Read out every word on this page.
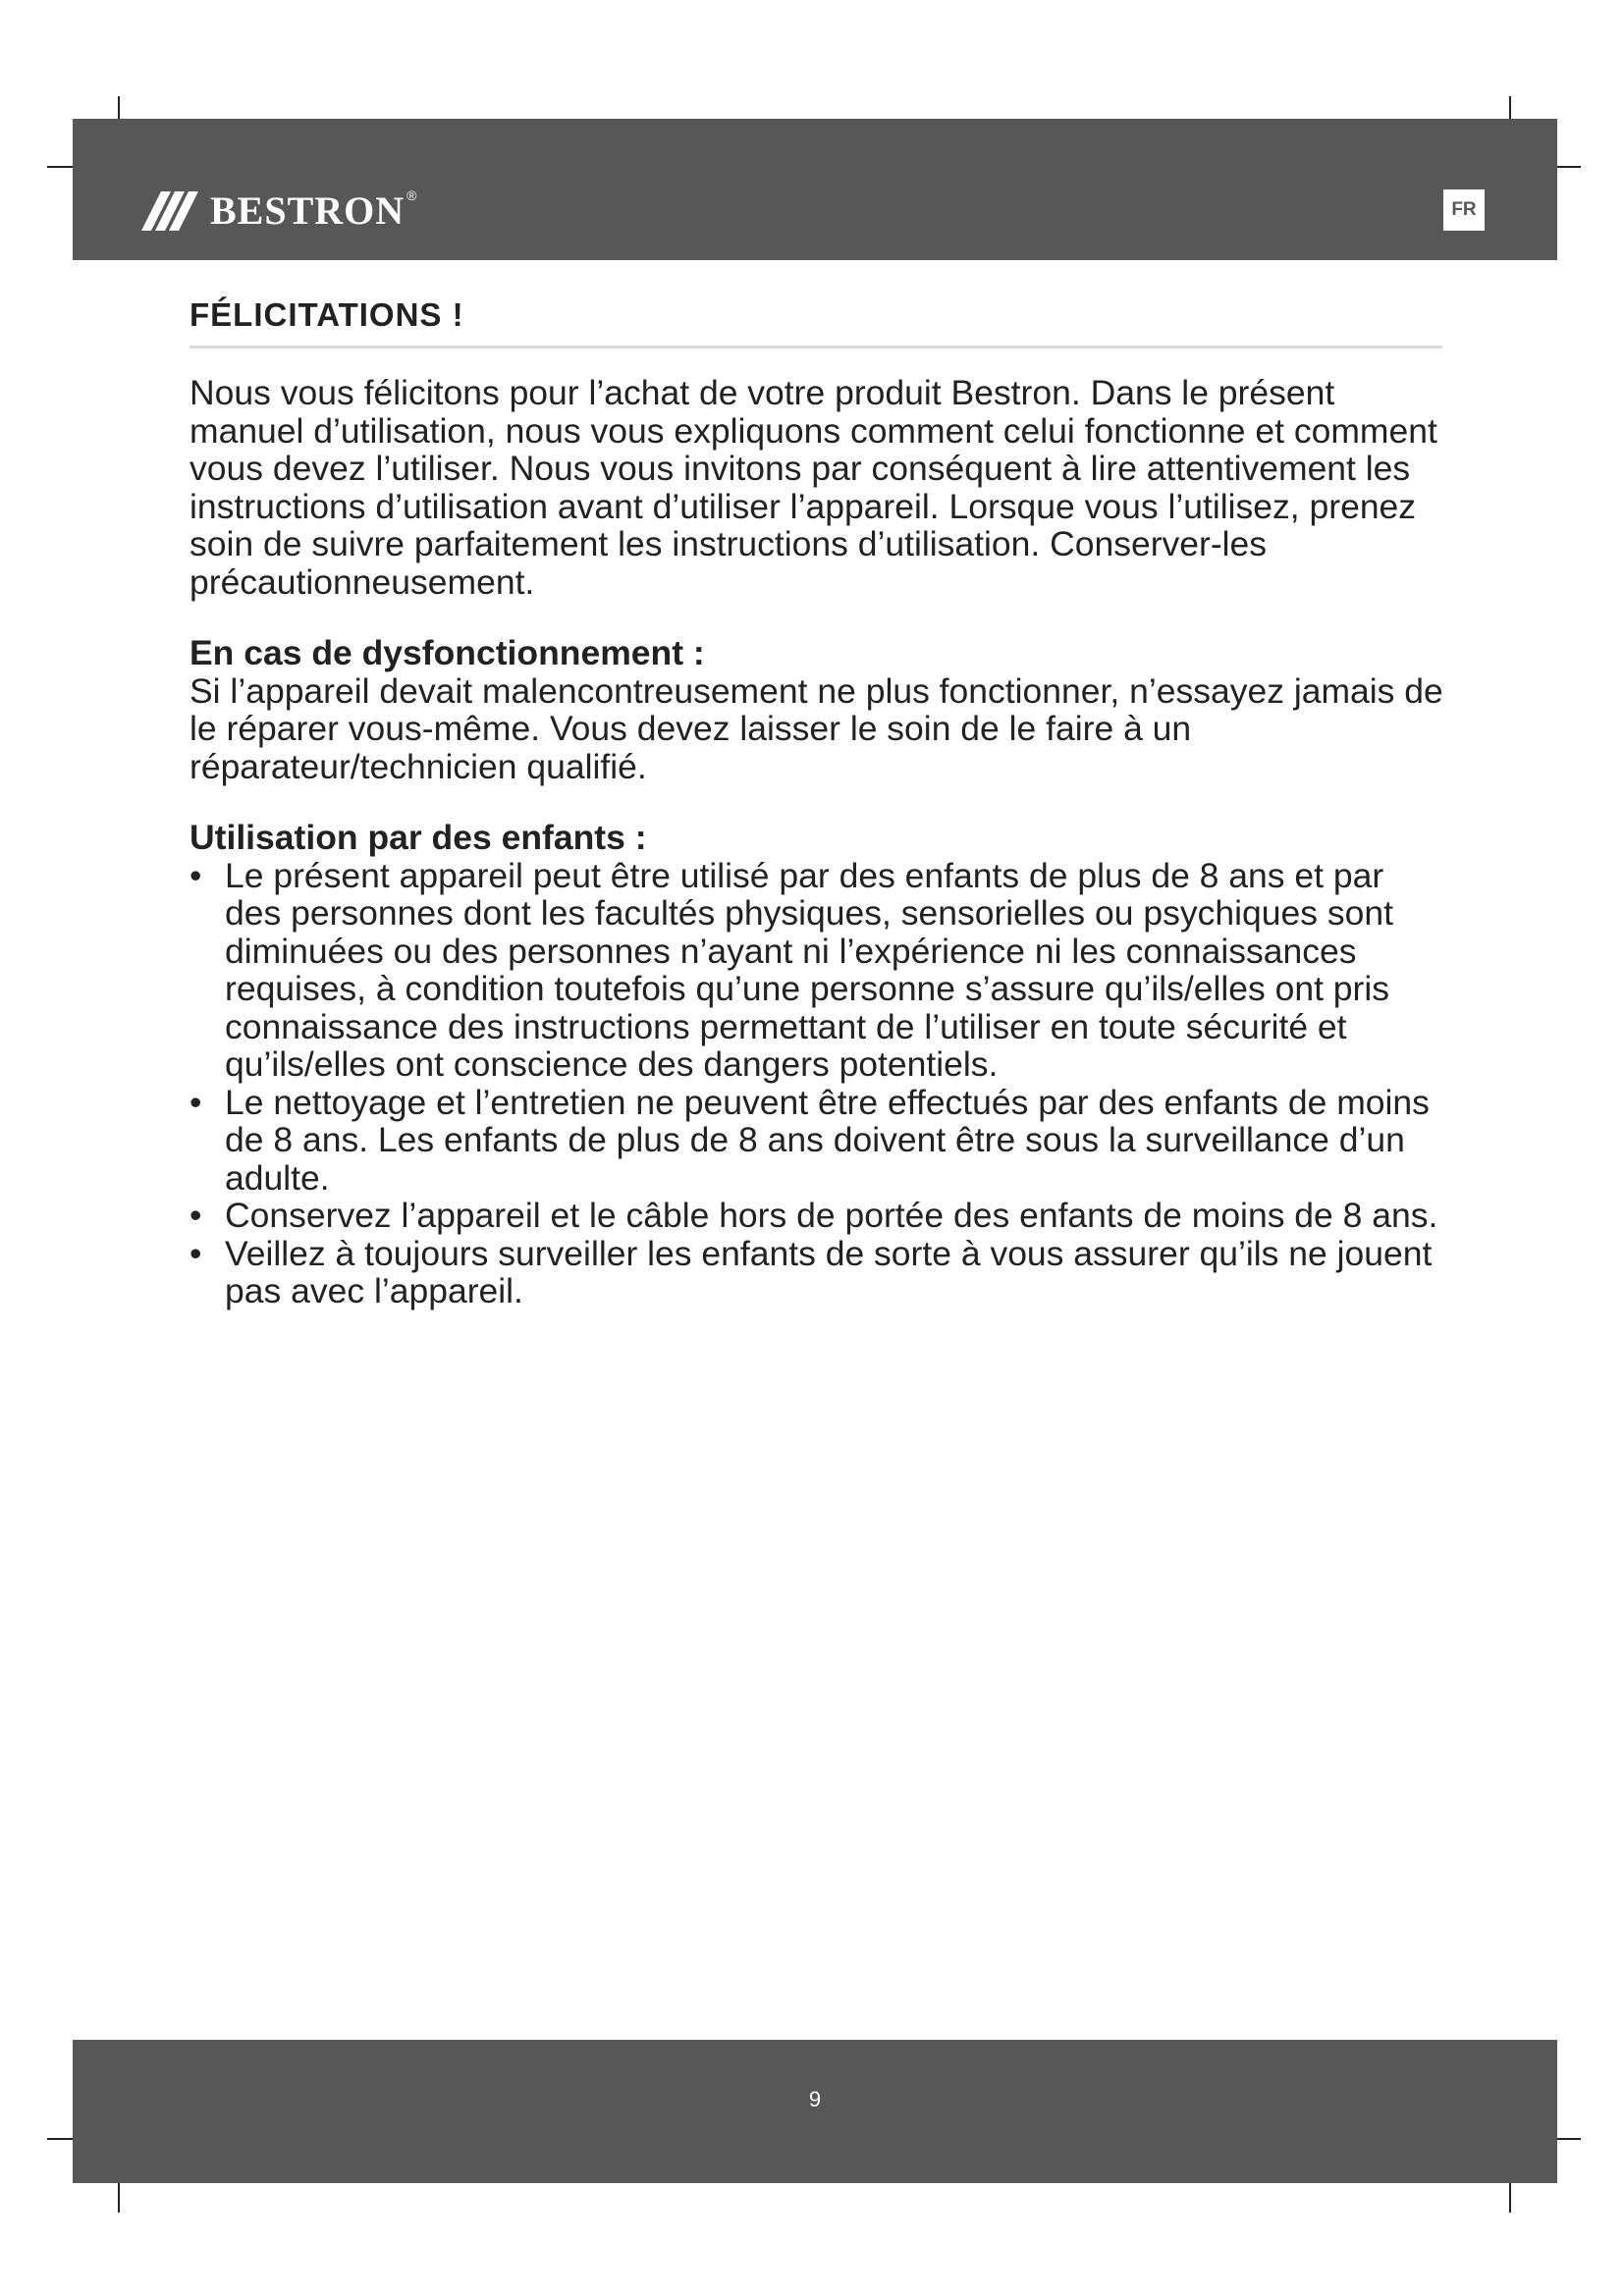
BESTRON ®
FR
FÉLICITATIONS !

Nous vous félicitons pour l’achat de votre produit Bestron. Dans le présent manuel d’utilisation, nous vous expliquons comment celui fonctionne et comment vous devez l’utiliser. Nous vous invitons par conséquent à lire attentivement les instructions d’utilisation avant d’utiliser l’appareil. Lorsque vous l’utilisez, prenez soin de suivre parfaitement les instructions d’utilisation. Conserver-les précautionneusement.

En cas de dysfonctionnement :

Si l’appareil devait malencontreusement ne plus fonctionner, n’essayez jamais de le réparer vous-même. Vous devez laisser le soin de le faire à un réparateur/technicien qualifié.

Utilisation par des enfants :
• Le présent appareil peut être utilisé par des enfants de plus de 8 ans et par des personnes dont les facultés physiques, sensorielles ou psychiques sont diminuées ou des personnes n’ayant ni l’expérience ni les connaissances requises, à condition toutefois qu’une personne s’assure qu’ils/elles ont pris connaissance des instructions permettant de l’utiliser en toute sécurité et qu’ils/elles ont conscience des dangers potentiels.
• Le nettoyage et l’entretien ne peuvent être effectués par des enfants de moins de 8 ans. Les enfants de plus de 8 ans doivent être sous la surveillance d’un adulte.
• Conservez l’appareil et le câble hors de portée des enfants de moins de 8 ans.
• Veillez à toujours surveiller les enfants de sorte à vous assurer qu’ils ne jouent pas avec l’appareil.
9
